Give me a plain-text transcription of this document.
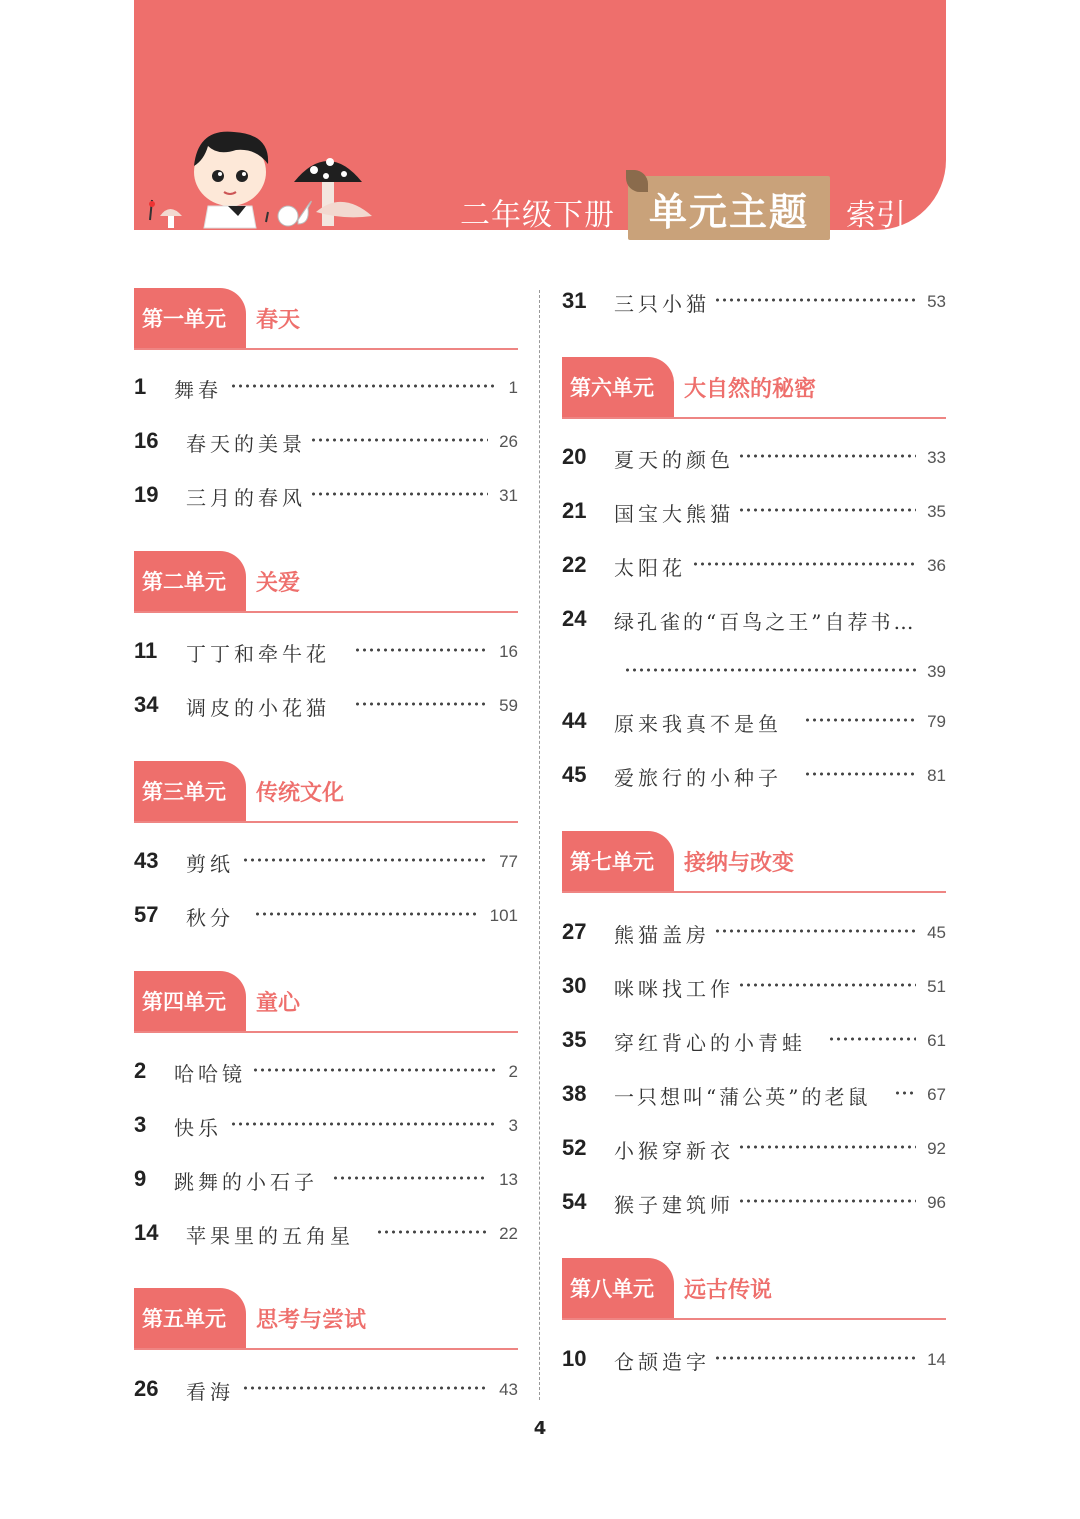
二年级下册 单元主题 索引
第一单元	春天
1 舞春	1
16 春天的美景	26
19 三月的春风	31
第二单元	关爱
11 丁丁和牵牛花	16
34 调皮的小花猫	59
第三单元	传统文化
43 剪纸	77
57 秋分	101
第四单元	童心
2 哈哈镜	2
3 快乐	3
9 跳舞的小石子	13
14 苹果里的五角星	22
第五单元	思考与尝试
26 看海	43
31 三只小猫	53
第六单元	大自然的秘密
20 夏天的颜色	33
21 国宝大熊猫	35
22 太阳花	36
24 绿孔雀的“百鸟之王”自荐书…
39
44 原来我真不是鱼	79
45 爱旅行的小种子	81
第七单元	接纳与改变
27 熊猫盖房	45
30 咪咪找工作	51
35 穿红背心的小青蛙	61
38 一只想叫“蒲公英”的老鼠	67
52 小猴穿新衣	92
54 猴子建筑师	96
第八单元	远古传说
10 仓颉造字	14
4
